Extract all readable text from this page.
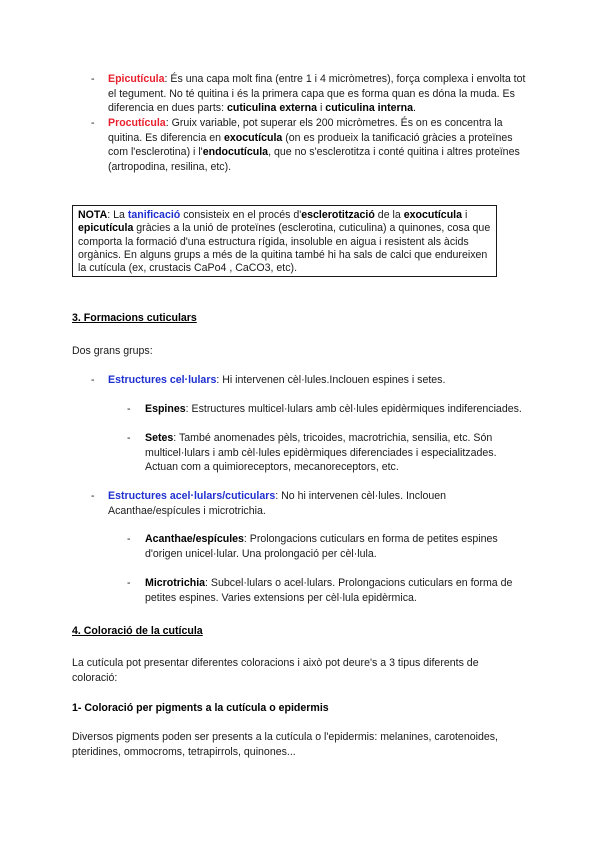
- Epicutícula: És una capa molt fina (entre 1 i 4 micròmetres), força complexa i envolta tot el tegument. No té quitina i és la primera capa que es forma quan es dóna la muda. Es diferencia en dues parts: cuticulina externa i cuticulina interna.

- Procutícula: Gruix variable, pot superar els 200 micròmetres. És on es concentra la quitina. Es diferencia en exocutícula (on es produeix la tanificació gràcies a proteïnes com l'esclerotina) i l'endocutícula, que no s'esclerotitza i conté quitina i altres proteïnes (artropodina, resilina, etc).

NOTA: La tanificació consisteix en el procés d'esclerotització de la exocutícula i epicutícula gràcies a la unió de proteïnes (esclerotina, cuticulina) a quinones, cosa que comporta la formació d'una estructura rígida, insoluble en aigua i resistent als àcids orgànics. En alguns grups a més de la quitina també hi ha sals de calci que endureixen la cutícula (ex, crustacis CaPo4 , CaCO3, etc).

3. Formacions cuticulars

Dos grans grups:

- Estructures cel·lulars: Hi intervenen cèl·lules.Inclouen espines i setes.

- Espines: Estructures multicel·lulars amb cèl·lules epidèrmiques indiferenciades.

- Setes: També anomenades pèls, tricoides, macrotrichia, sensilia, etc. Són multicel·lulars i amb cèl·lules epidèrmiques diferenciades i especialitzades. Actuan com a quimioreceptors, mecanoreceptors, etc.

- Estructures acel·lulars/cuticulars: No hi intervenen cèl·lules. Inclouen Acanthae/espícules i microtrichia.

- Acanthae/espícules: Prolongacions cuticulars en forma de petites espines d'origen unicel·lular. Una prolongació per cèl·lula.

- Microtrichia: Subcel·lulars o acel·lulars. Prolongacions cuticulars en forma de petites espines. Varies extensions per cèl·lula epidèrmica.

4. Coloració de la cutícula

La cutícula pot presentar diferentes coloracions i això pot deure's a 3 tipus diferents de coloració:

1- Coloració per pigments a la cutícula o epidermis

Diversos pigments poden ser presents a la cutícula o l'epidermis: melanines, carotenoides, pteridines, ommocroms, tetrapirrols, quinones...
